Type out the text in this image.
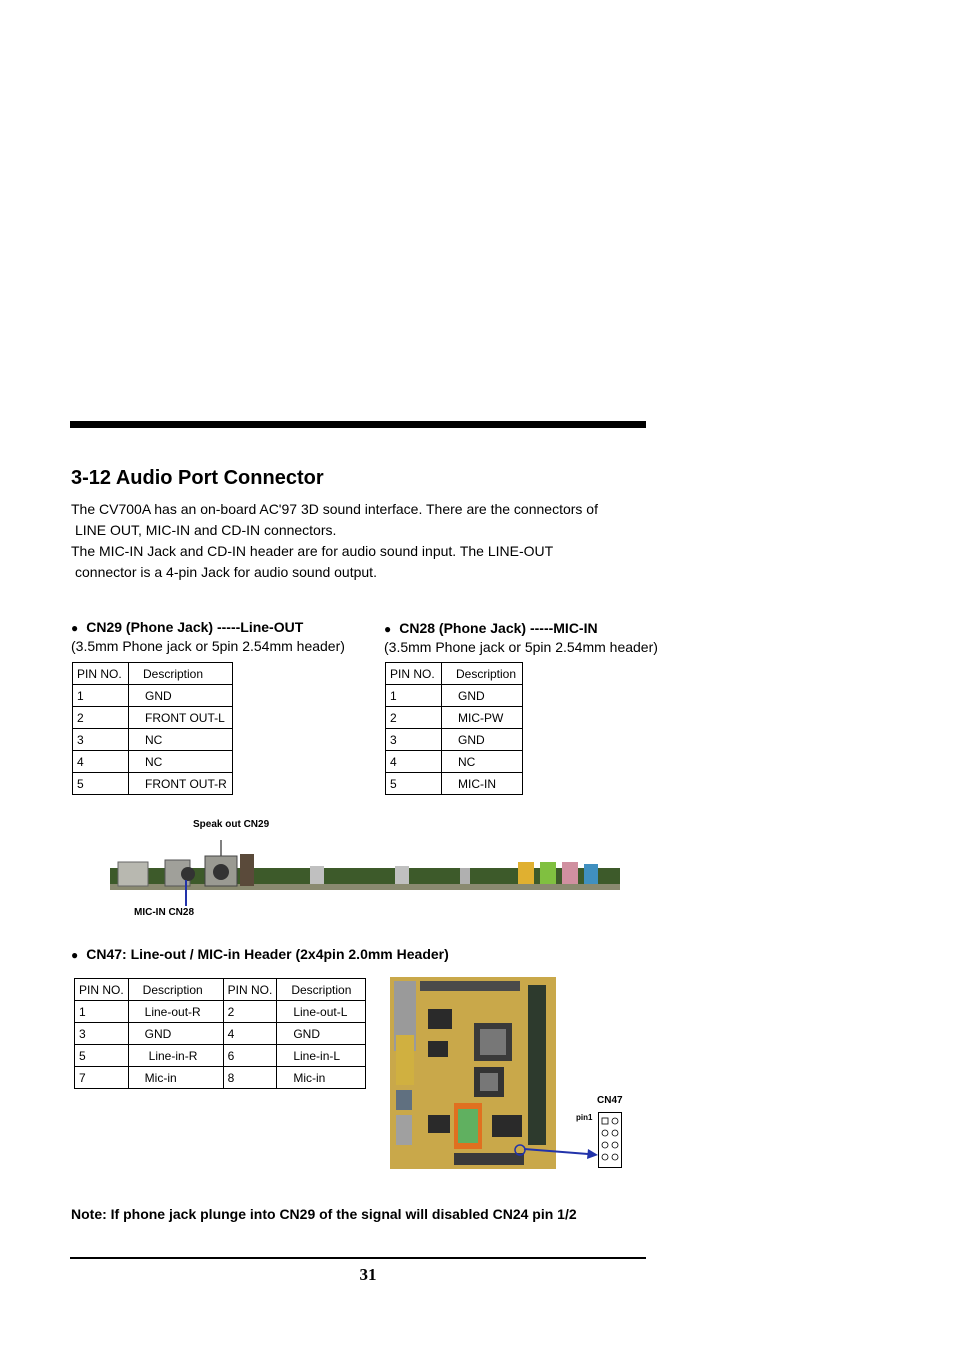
3-12 Audio Port Connector
The CV700A has an on-board AC'97 3D sound interface. There are the connectors of
LINE OUT, MIC-IN and CD-IN connectors.
The MIC-IN Jack and CD-IN header are for audio sound input. The LINE-OUT
connector is a 4-pin Jack for audio sound output.
● CN29 (Phone Jack) -----Line-OUT
(3.5mm Phone jack or 5pin 2.54mm header)
PIN NO.	Description
1	GND
2	FRONT OUT-L
3	NC
4	NC
5	FRONT OUT-R
● CN28 (Phone Jack) -----MIC-IN
(3.5mm Phone jack or 5pin 2.54mm header)
PIN NO.	Description
1	GND
2	MIC-PW
3	GND
4	NC
5	MIC-IN
Speak out CN29
MIC-IN CN28
● CN47: Line-out / MIC-in Header (2x4pin 2.0mm Header)
PIN NO.	Description	PIN NO.	Description
1	Line-out-R	2	Line-out-L
3	GND	4	GND
5	Line-in-R	6	Line-in-L
7	Mic-in	8	Mic-in
CN47
pin1
Note: If phone jack plunge into CN29 of the signal will disabled CN24 pin 1/2
31
